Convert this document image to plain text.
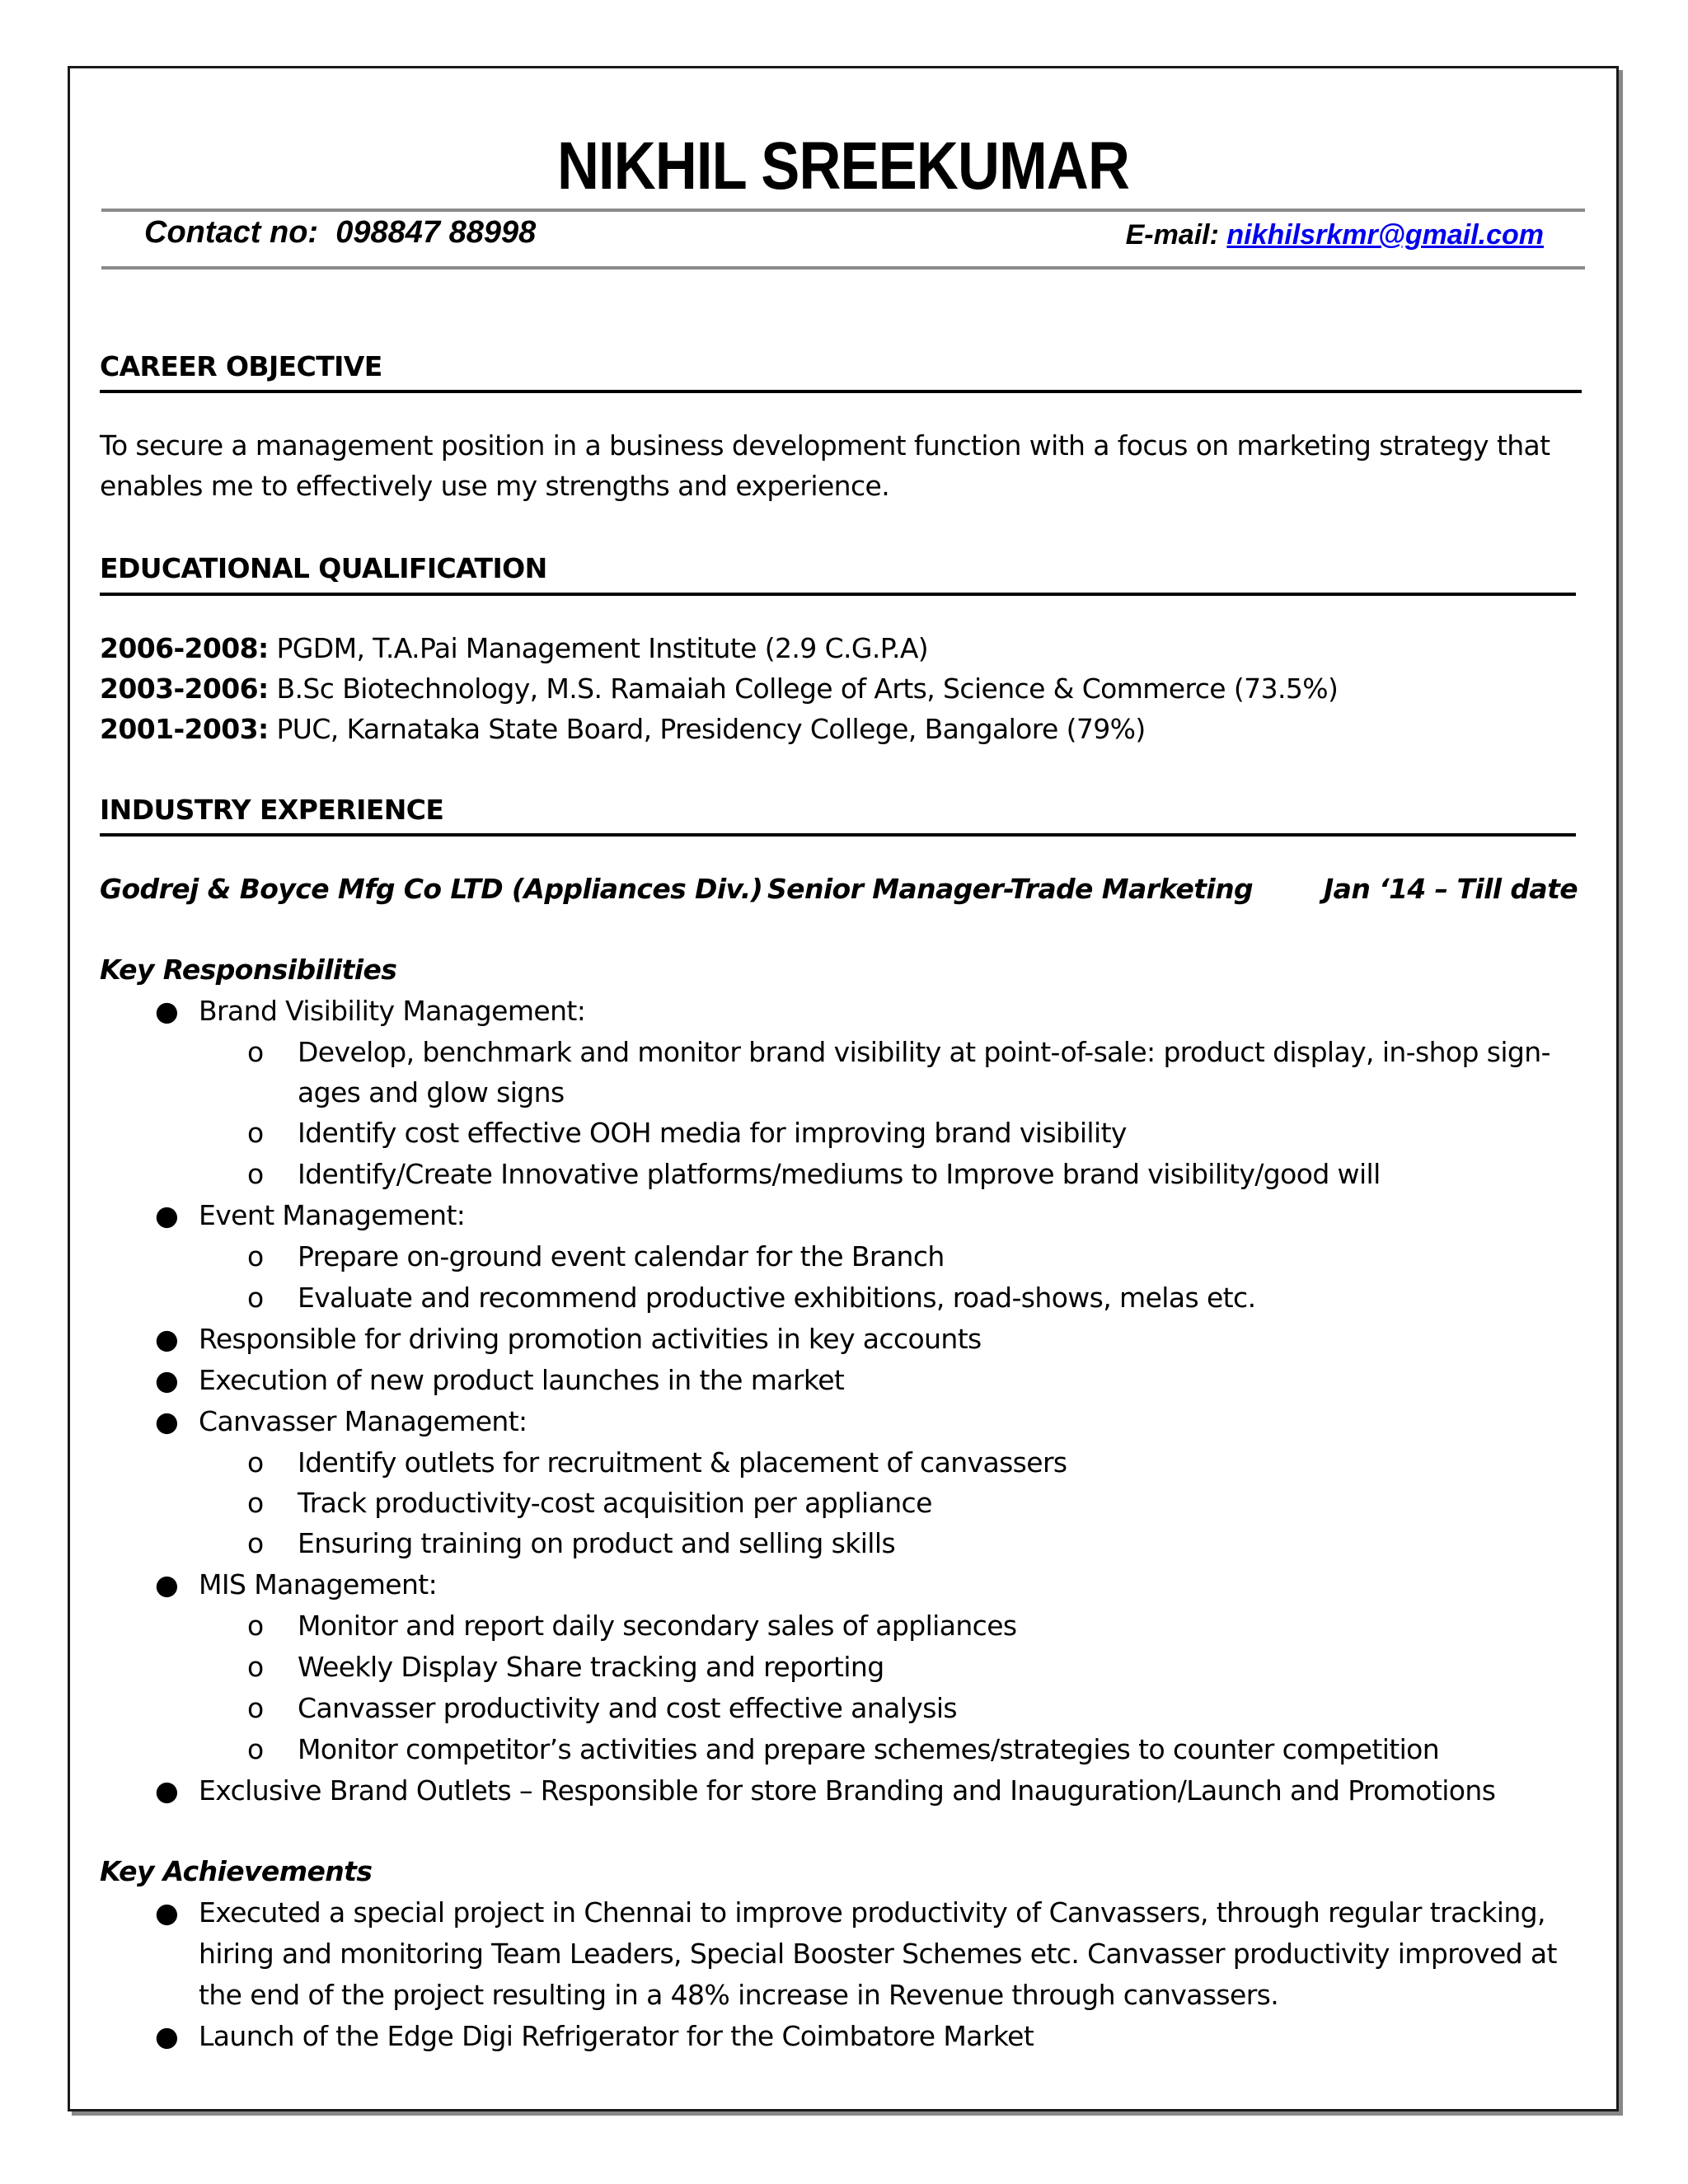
NIKHIL SREEKUMAR
Contact no: 098847 88998	E-mail: nikhilsrkmr@gmail.com
CAREER OBJECTIVE
To secure a management position in a business development function with a focus on marketing strategy that
enables me to effectively use my strengths and experience.
EDUCATIONAL QUALIFICATION
2006-2008: PGDM, T.A.Pai Management Institute (2.9 C.G.P.A)
2003-2006: B.Sc Biotechnology, M.S. Ramaiah College of Arts, Science & Commerce (73.5%)
2001-2003: PUC, Karnataka State Board, Presidency College, Bangalore (79%)
INDUSTRY EXPERIENCE
Godrej & Boyce Mfg Co LTD (Appliances Div.) Senior Manager-Trade Marketing	Jan ‘14 – Till date
Key Responsibilities
● Brand Visibility Management:
o Develop, benchmark and monitor brand visibility at point-of-sale: product display, in-shop sign-
ages and glow signs
o Identify cost effective OOH media for improving brand visibility
o Identify/Create Innovative platforms/mediums to Improve brand visibility/good will
● Event Management:
o Prepare on-ground event calendar for the Branch
o Evaluate and recommend productive exhibitions, road-shows, melas etc.
● Responsible for driving promotion activities in key accounts
● Execution of new product launches in the market
● Canvasser Management:
o Identify outlets for recruitment & placement of canvassers
o Track productivity-cost acquisition per appliance
o Ensuring training on product and selling skills
● MIS Management:
o Monitor and report daily secondary sales of appliances
o Weekly Display Share tracking and reporting
o Canvasser productivity and cost effective analysis
o Monitor competitor’s activities and prepare schemes/strategies to counter competition
● Exclusive Brand Outlets – Responsible for store Branding and Inauguration/Launch and Promotions
Key Achievements
● Executed a special project in Chennai to improve productivity of Canvassers, through regular tracking,
hiring and monitoring Team Leaders, Special Booster Schemes etc. Canvasser productivity improved at
the end of the project resulting in a 48% increase in Revenue through canvassers.
● Launch of the Edge Digi Refrigerator for the Coimbatore Market
